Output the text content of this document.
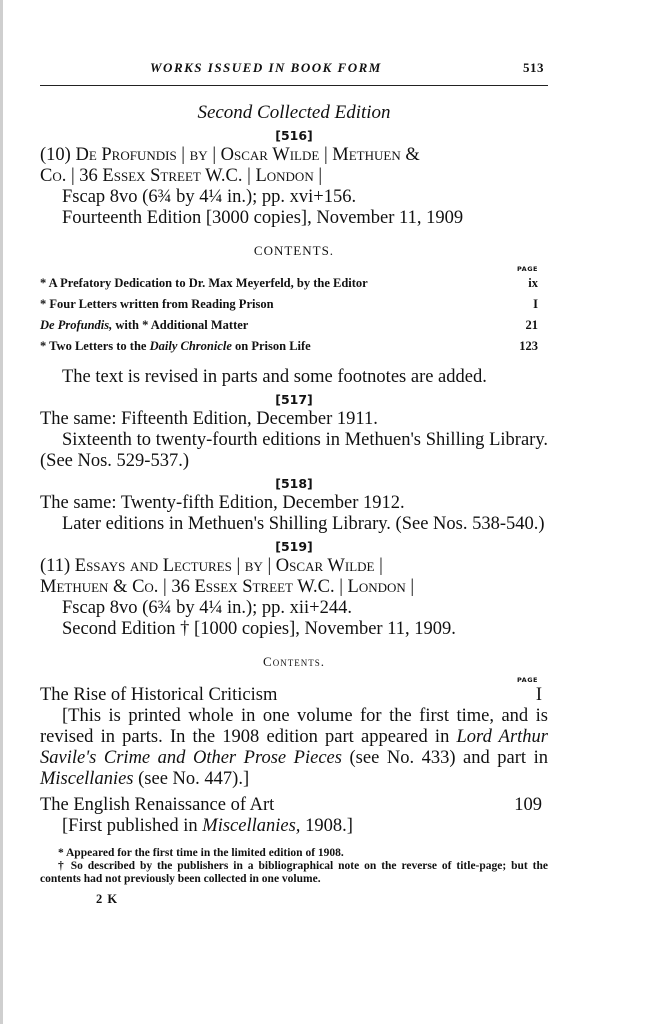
WORKS ISSUED IN BOOK FORM	513
Second Collected Edition
[516]
(10) De Profundis | by | Oscar Wilde | Methuen &
Co. | 36 Essex Street W.C. | London |
Fscap 8vo (6¾ by 4¼ in.); pp. xvi+156.
Fourteenth Edition [3000 copies], November 11, 1909
CONTENTS.
PAGE
* A Prefatory Dedication to Dr. Max Meyerfeld, by the Editor	ix
* Four Letters written from Reading Prison	I
De Profundis, with * Additional Matter	21
* Two Letters to the Daily Chronicle on Prison Life	123

The text is revised in parts and some footnotes are added.

[517]
The same: Fifteenth Edition, December 1911.

Sixteenth to twenty-fourth editions in Methuen's Shilling Library. (See Nos. 529-537.)

[518]
The same: Twenty-fifth Edition, December 1912.

Later editions in Methuen's Shilling Library. (See Nos. 538-540.)

[519]
(11) Essays and Lectures | by | Oscar Wilde |
Methuen & Co. | 36 Essex Street W.C. | London |
Fscap 8vo (6¾ by 4¼ in.); pp. xii+244.
Second Edition † [1000 copies], November 11, 1909.
Contents.
PAGE
The Rise of Historical Criticism	I

[This is printed whole in one volume for the first time, and is revised in parts. In the 1908 edition part appeared in Lord Arthur Savile's Crime and Other Prose Pieces (see No. 433) and part in Miscellanies (see No. 447).]

The English Renaissance of Art	109

[First published in Miscellanies, 1908.]

* Appeared for the first time in the limited edition of 1908.

† So described by the publishers in a bibliographical note on the reverse of title-page; but the contents had not previously been collected in one volume.

2 K
